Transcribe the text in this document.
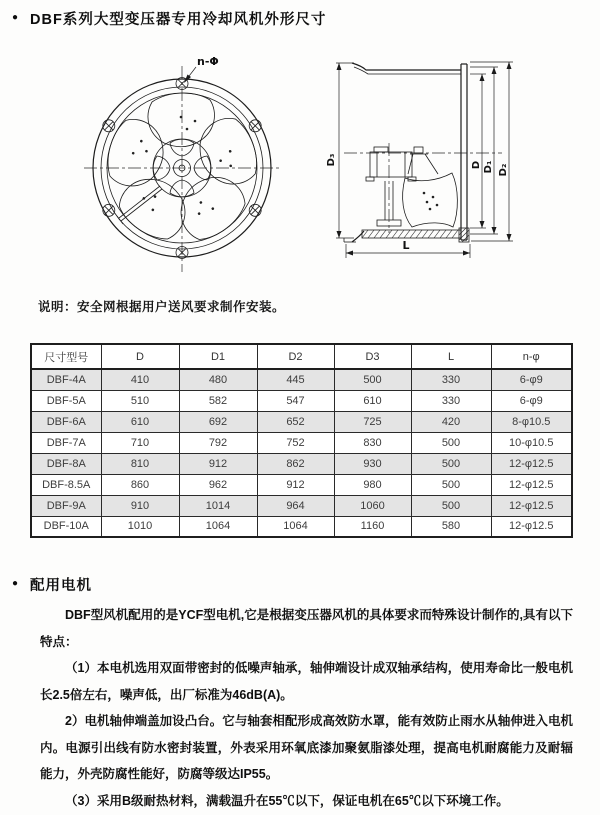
● DBF系列大型变压器专用冷却风机外形尺寸
n-Φ
D₃	D D₁ D₂
L
说明：安全网根据用户送风要求制作安装。
尺寸型号	D	D1	D2	D3	L	n-φ
DBF-4A	410	480	445	500	330	6-φ9
DBF-5A	510	582	547	610	330	6-φ9
DBF-6A	610	692	652	725	420	8-φ10.5
DBF-7A	710	792	752	830	500	10-φ10.5
DBF-8A	810	912	862	930	500	12-φ12.5
DBF-8.5A	860	962	912	980	500	12-φ12.5
DBF-9A	910	1014	964	1060	500	12-φ12.5
DBF-10A	1010	1064	1064	1160	580	12-φ12.5
● 配用电机

DBF型风机配用的是YCF型电机,它是根据变压器风机的具体要求而特殊设计制作的,具有以下特点：

（1）本电机选用双面带密封的低噪声轴承，轴伸端设计成双轴承结构，使用寿命比一般电机长2.5倍左右，噪声低，出厂标准为46dB(A)。

2）电机轴伸端盖加设凸台。它与轴套相配形成高效防水罩，能有效防止雨水从轴伸进入电机内。电源引出线有防水密封装置，外表采用环氧底漆加聚氨脂漆处理，提高电机耐腐能力及耐辐能力，外壳防腐性能好，防腐等级达IP55。

（3）采用B级耐热材料，满载温升在55℃以下，保证电机在65℃以下环境工作。
